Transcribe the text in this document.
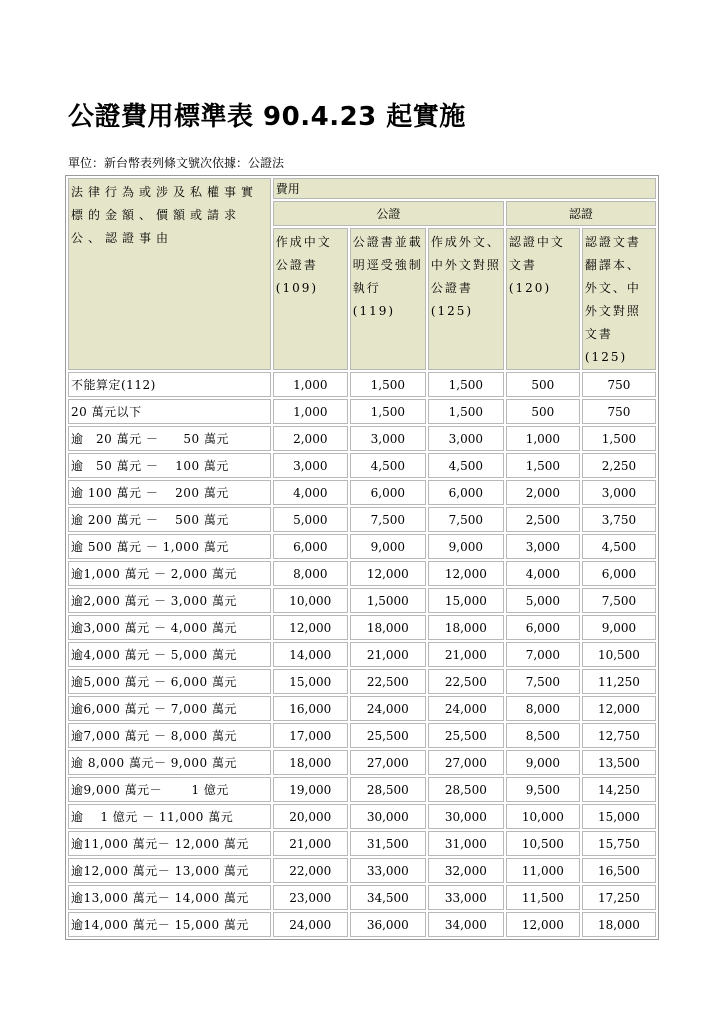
公證費用標準表 90.4.23 起實施
單位：新台幣表列條文號次依據：公證法
法律行為或涉及私權事實標的金額、價額或請求公、認證事由	費用				
	公證			認證	
	作成中文公證書(109)	公證書並載明逕受強制執行(119)	作成外文、中外文對照公證書(125)	認證中文文書(120)	認證文書翻譯本、外文、中外文對照文書(125)
不能算定(112)	1,000	1,500	1,500	500	750
20 萬元以下	1,000	1,500	1,500	500	750
逾　20 萬元 －　　50 萬元	2,000	3,000	3,000	1,000	1,500
逾　50 萬元 －　 100 萬元	3,000	4,500	4,500	1,500	2,250
逾 100 萬元 －　 200 萬元	4,000	6,000	6,000	2,000	3,000
逾 200 萬元 －　 500 萬元	5,000	7,500	7,500	2,500	3,750
逾 500 萬元 － 1,000 萬元	6,000	9,000	9,000	3,000	4,500
逾1,000 萬元 － 2,000 萬元	8,000	12,000	12,000	4,000	6,000
逾2,000 萬元 － 3,000 萬元	10,000	1,5000	15,000	5,000	7,500
逾3,000 萬元 － 4,000 萬元	12,000	18,000	18,000	6,000	9,000
逾4,000 萬元 － 5,000 萬元	14,000	21,000	21,000	7,000	10,500
逾5,000 萬元 － 6,000 萬元	15,000	22,500	22,500	7,500	11,250
逾6,000 萬元 － 7,000 萬元	16,000	24,000	24,000	8,000	12,000
逾7,000 萬元 － 8,000 萬元	17,000	25,500	25,500	8,500	12,750
逾 8,000 萬元－ 9,000 萬元	18,000	27,000	27,000	9,000	13,500
逾9,000 萬元－　　 1 億元	19,000	28,500	28,500	9,500	14,250
逾　 1 億元 － 11,000 萬元	20,000	30,000	30,000	10,000	15,000
逾11,000 萬元－ 12,000 萬元	21,000	31,500	31,000	10,500	15,750
逾12,000 萬元－ 13,000 萬元	22,000	33,000	32,000	11,000	16,500
逾13,000 萬元－ 14,000 萬元	23,000	34,500	33,000	11,500	17,250
逾14,000 萬元－ 15,000 萬元	24,000	36,000	34,000	12,000	18,000
